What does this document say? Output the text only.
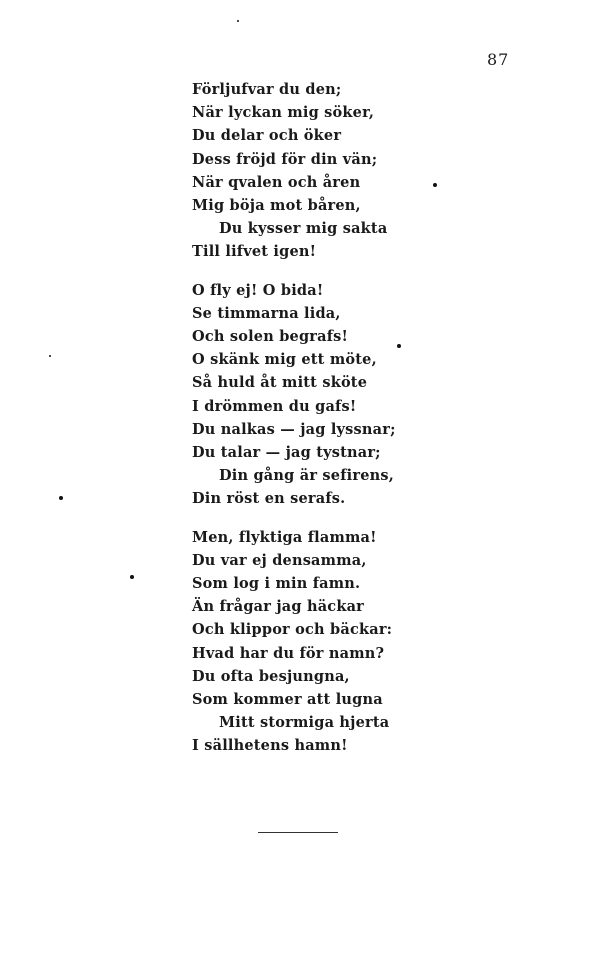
87
Förljufvar du den;
När lyckan mig söker,
Du delar och öker
Dess fröjd för din vän;
När qvalen och åren
Mig böja mot båren,
Du kysser mig sakta
Till lifvet igen!
O fly ej! O bida!
Se timmarna lida,
Och solen begrafs!
O skänk mig ett möte,
Så huld åt mitt sköte
I drömmen du gafs!
Du nalkas — jag lyssnar;
Du talar — jag tystnar;
Din gång är sefirens,
Din röst en serafs.
Men, flyktiga flamma!
Du var ej densamma,
Som log i min famn.
Än frågar jag häckar
Och klippor och bäckar:
Hvad har du för namn?
Du ofta besjungna,
Som kommer att lugna
Mitt stormiga hjerta
I sällhetens hamn!
